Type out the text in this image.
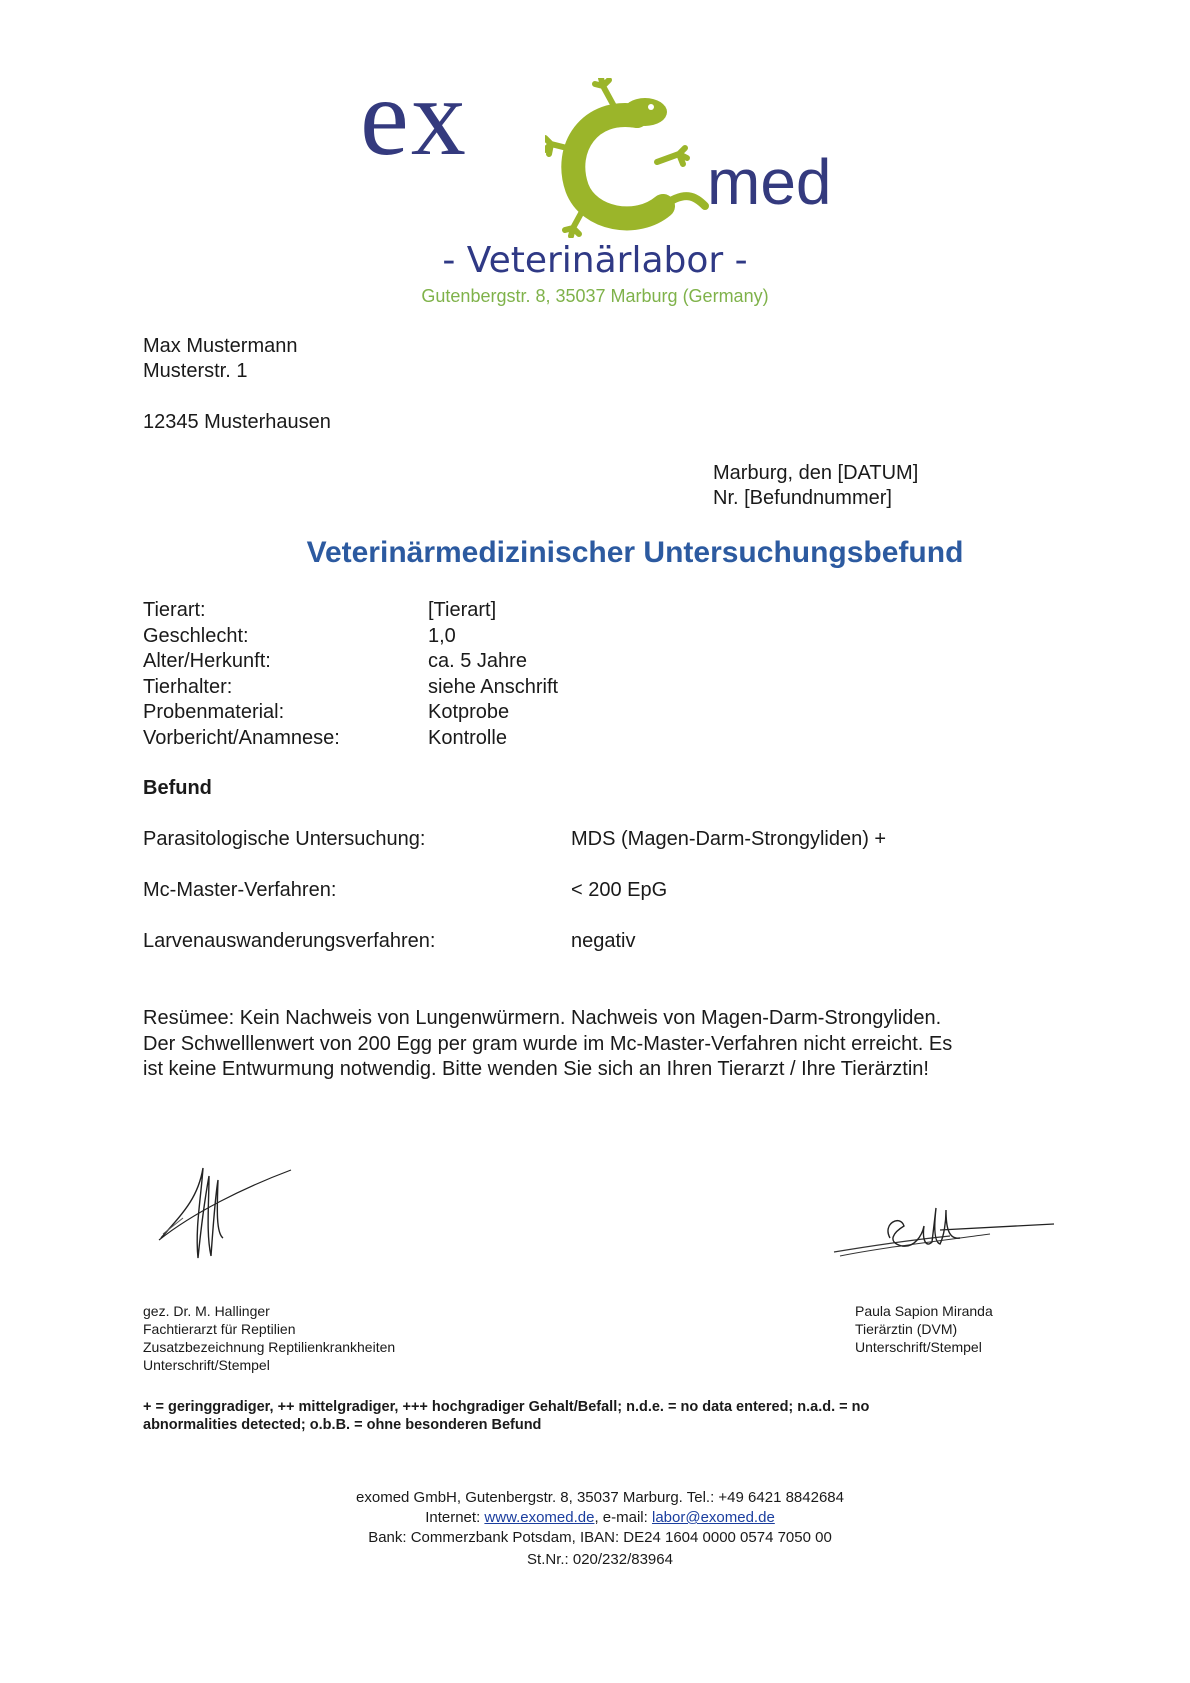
ex
med
- Veterinärlabor -
Gutenbergstr. 8, 35037 Marburg (Germany)
Max Mustermann
Musterstr. 1
12345 Musterhausen
Marburg, den [DATUM]
Nr. [Befundnummer]
Veterinärmedizinischer Untersuchungsbefund
Tierart:	[Tierart]
Geschlecht:	1,0
Alter/Herkunft:	ca. 5 Jahre
Tierhalter:	siehe Anschrift
Probenmaterial:	Kotprobe
Vorbericht/Anamnese:	Kontrolle
Befund
Parasitologische Untersuchung:	MDS (Magen-Darm-Strongyliden) +
Mc-Master-Verfahren:	< 200 EpG
Larvenauswanderungsverfahren:	negativ
Resümee: Kein Nachweis von Lungenwürmern. Nachweis von Magen-Darm-Strongyliden.
Der Schwelllenwert von 200 Egg per gram wurde im Mc-Master-Verfahren nicht erreicht. Es
ist keine Entwurmung notwendig. Bitte wenden Sie sich an Ihren Tierarzt / Ihre Tierärztin!
gez. Dr. M. Hallinger
Fachtierarzt für Reptilien
Zusatzbezeichnung Reptilienkrankheiten
Unterschrift/Stempel
Paula Sapion Miranda
Tierärztin (DVM)
Unterschrift/Stempel
+ = geringgradiger, ++ mittelgradiger, +++ hochgradiger Gehalt/Befall; n.d.e. = no data entered; n.a.d. = no
abnormalities detected; o.b.B. = ohne besonderen Befund
exomed GmbH, Gutenbergstr. 8, 35037 Marburg. Tel.: +49 6421 8842684
Internet: www.exomed.de, e-mail: labor@exomed.de
Bank: Commerzbank Potsdam, IBAN: DE24 1604 0000 0574 7050 00
St.Nr.: 020/232/83964
